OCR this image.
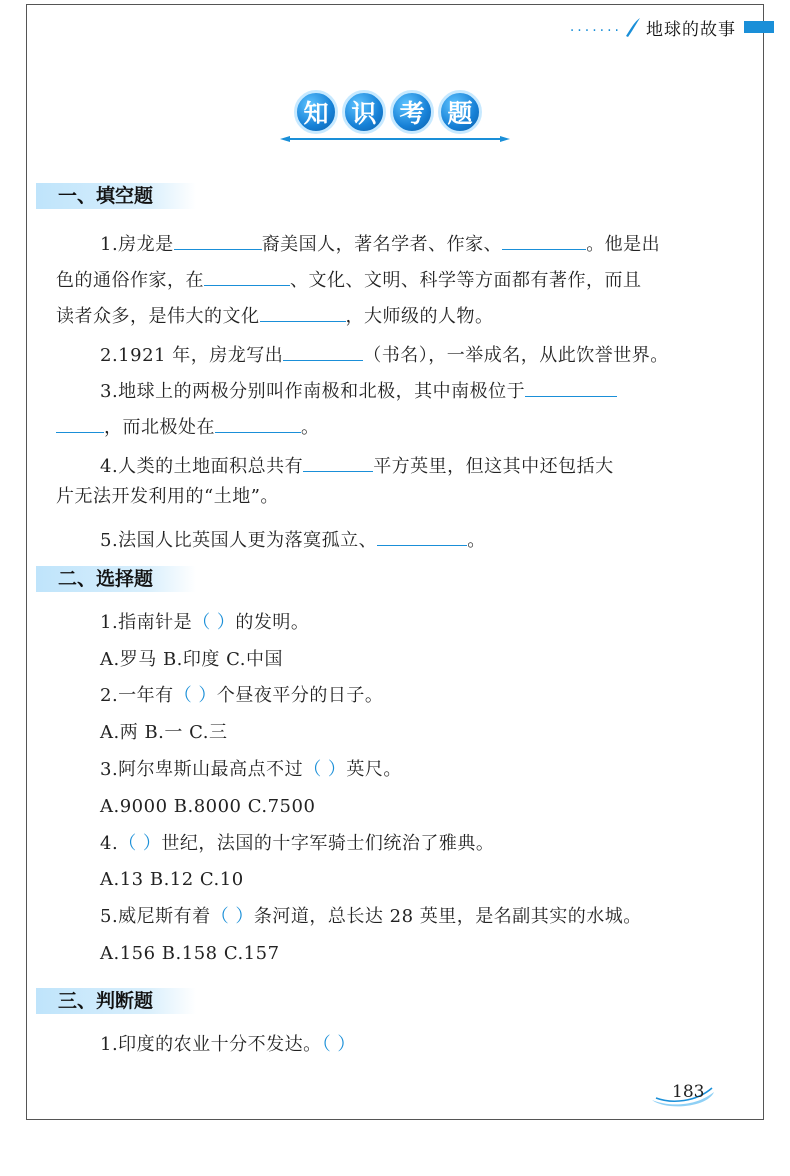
....... 地球的故事
知 识 考 题
一、填空题
1.房龙是	裔美国人，著名学者、作家、	。他是出
色的通俗作家，在	、文化、文明、科学等方面都有著作，而且
读者众多，是伟大的文化	，大师级的人物。
2.1921 年，房龙写出	（书名），一举成名，从此饮誉世界。
3.地球上的两极分别叫作南极和北极，其中南极位于
，而北极处在	。
4.人类的土地面积总共有	平方英里，但这其中还包括大
片无法开发利用的“土地”。
5.法国人比英国人更为落寞孤立、	。
二、选择题
1.指南针是（ ）的发明。
A.罗马 B.印度 C.中国
2.一年有（ ）个昼夜平分的日子。
A.两 B.一 C.三
3.阿尔卑斯山最高点不过（ ）英尺。
A.9000 B.8000 C.7500
4.（ ）世纪，法国的十字军骑士们统治了雅典。
A.13 B.12 C.10
5.威尼斯有着（ ）条河道，总长达 28 英里，是名副其实的水城。
A.156 B.158 C.157
三、判断题
1.印度的农业十分不发达。（ ）
183
